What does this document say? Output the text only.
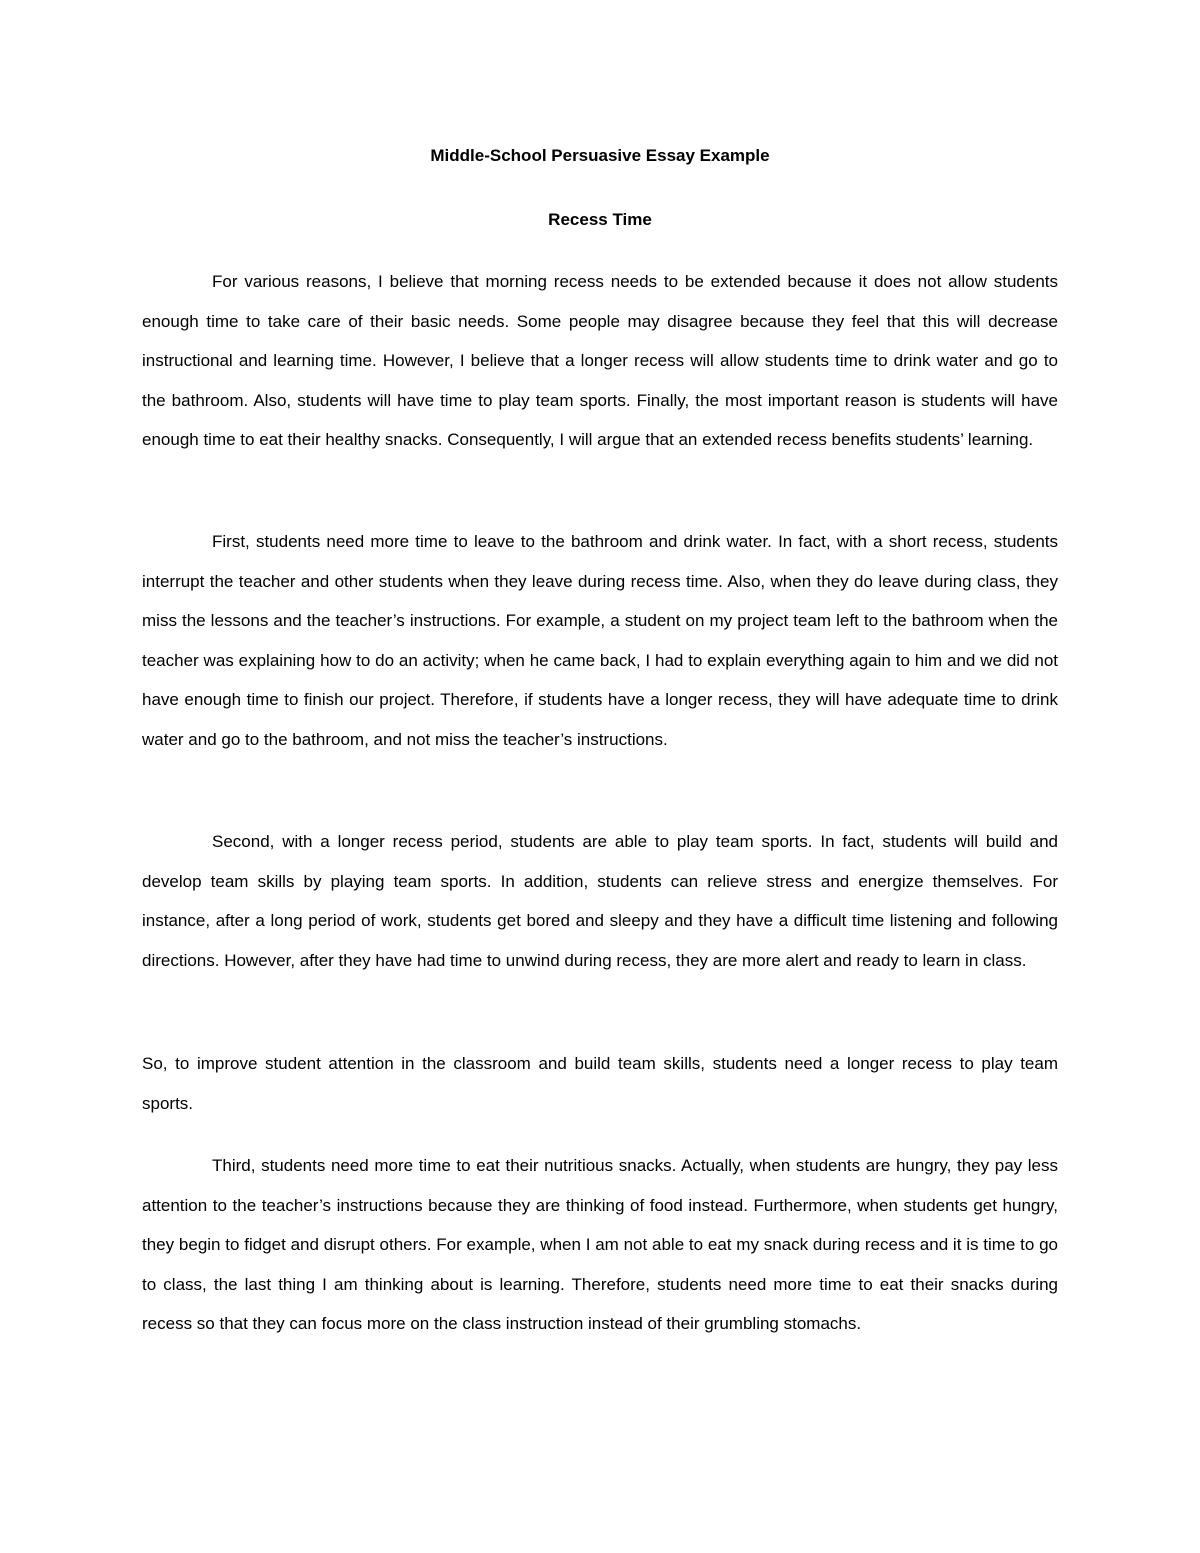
Middle-School Persuasive Essay Example
Recess Time

For various reasons, I believe that morning recess needs to be extended because it does not allow students enough time to take care of their basic needs. Some people may disagree because they feel that this will decrease instructional and learning time. However, I believe that a longer recess will allow students time to drink water and go to the bathroom. Also, students will have time to play team sports. Finally, the most important reason is students will have enough time to eat their healthy snacks. Consequently, I will argue that an extended recess benefits students’ learning.

First, students need more time to leave to the bathroom and drink water. In fact, with a short recess, students interrupt the teacher and other students when they leave during recess time. Also, when they do leave during class, they miss the lessons and the teacher’s instructions. For example, a student on my project team left to the bathroom when the teacher was explaining how to do an activity; when he came back, I had to explain everything again to him and we did not have enough time to finish our project. Therefore, if students have a longer recess, they will have adequate time to drink water and go to the bathroom, and not miss the teacher’s instructions.

Second, with a longer recess period, students are able to play team sports. In fact, students will build and develop team skills by playing team sports. In addition, students can relieve stress and energize themselves. For instance, after a long period of work, students get bored and sleepy and they have a difficult time listening and following directions. However, after they have had time to unwind during recess, they are more alert and ready to learn in class.

So, to improve student attention in the classroom and build team skills, students need a longer recess to play team sports.

Third, students need more time to eat their nutritious snacks. Actually, when students are hungry, they pay less attention to the teacher’s instructions because they are thinking of food instead. Furthermore, when students get hungry, they begin to fidget and disrupt others. For example, when I am not able to eat my snack during recess and it is time to go to class, the last thing I am thinking about is learning. Therefore, students need more time to eat their snacks during recess so that they can focus more on the class instruction instead of their grumbling stomachs.
